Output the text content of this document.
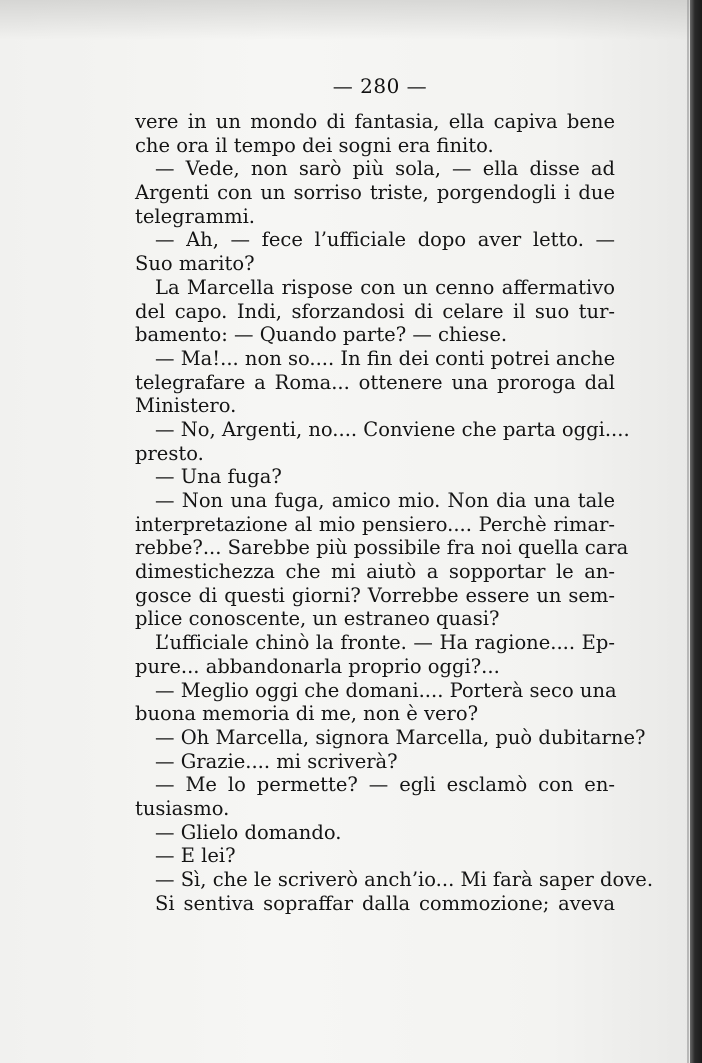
— 280 —
vere in un mondo di fantasia, ella capiva bene
che ora il tempo dei sogni era finito.
— Vede, non sarò più sola, — ella disse ad
Argenti con un sorriso triste, porgendogli i due
telegrammi.
— Ah, — fece l’ufficiale dopo aver letto. —
Suo marito?
La Marcella rispose con un cenno affermativo
del capo. Indi, sforzandosi di celare il suo tur-
bamento: — Quando parte? — chiese.
— Ma!... non so.... In fin dei conti potrei anche
telegrafare a Roma... ottenere una proroga dal
Ministero.
— No, Argenti, no.... Conviene che parta oggi....
presto.
— Una fuga?
— Non una fuga, amico mio. Non dia una tale
interpretazione al mio pensiero.... Perchè rimar-
rebbe?... Sarebbe più possibile fra noi quella cara
dimestichezza che mi aiutò a sopportar le an-
gosce di questi giorni? Vorrebbe essere un sem-
plice conoscente, un estraneo quasi?
L’ufficiale chinò la fronte. — Ha ragione.... Ep-
pure... abbandonarla proprio oggi?...
— Meglio oggi che domani.... Porterà seco una
buona memoria di me, non è vero?
— Oh Marcella, signora Marcella, può dubitarne?
— Grazie.... mi scriverà?
— Me lo permette? — egli esclamò con en-
tusiasmo.
— Glielo domando.
— E lei?
— Sì, che le scriverò anch’io... Mi farà saper dove.
Si sentiva sopraffar dalla commozione; aveva
